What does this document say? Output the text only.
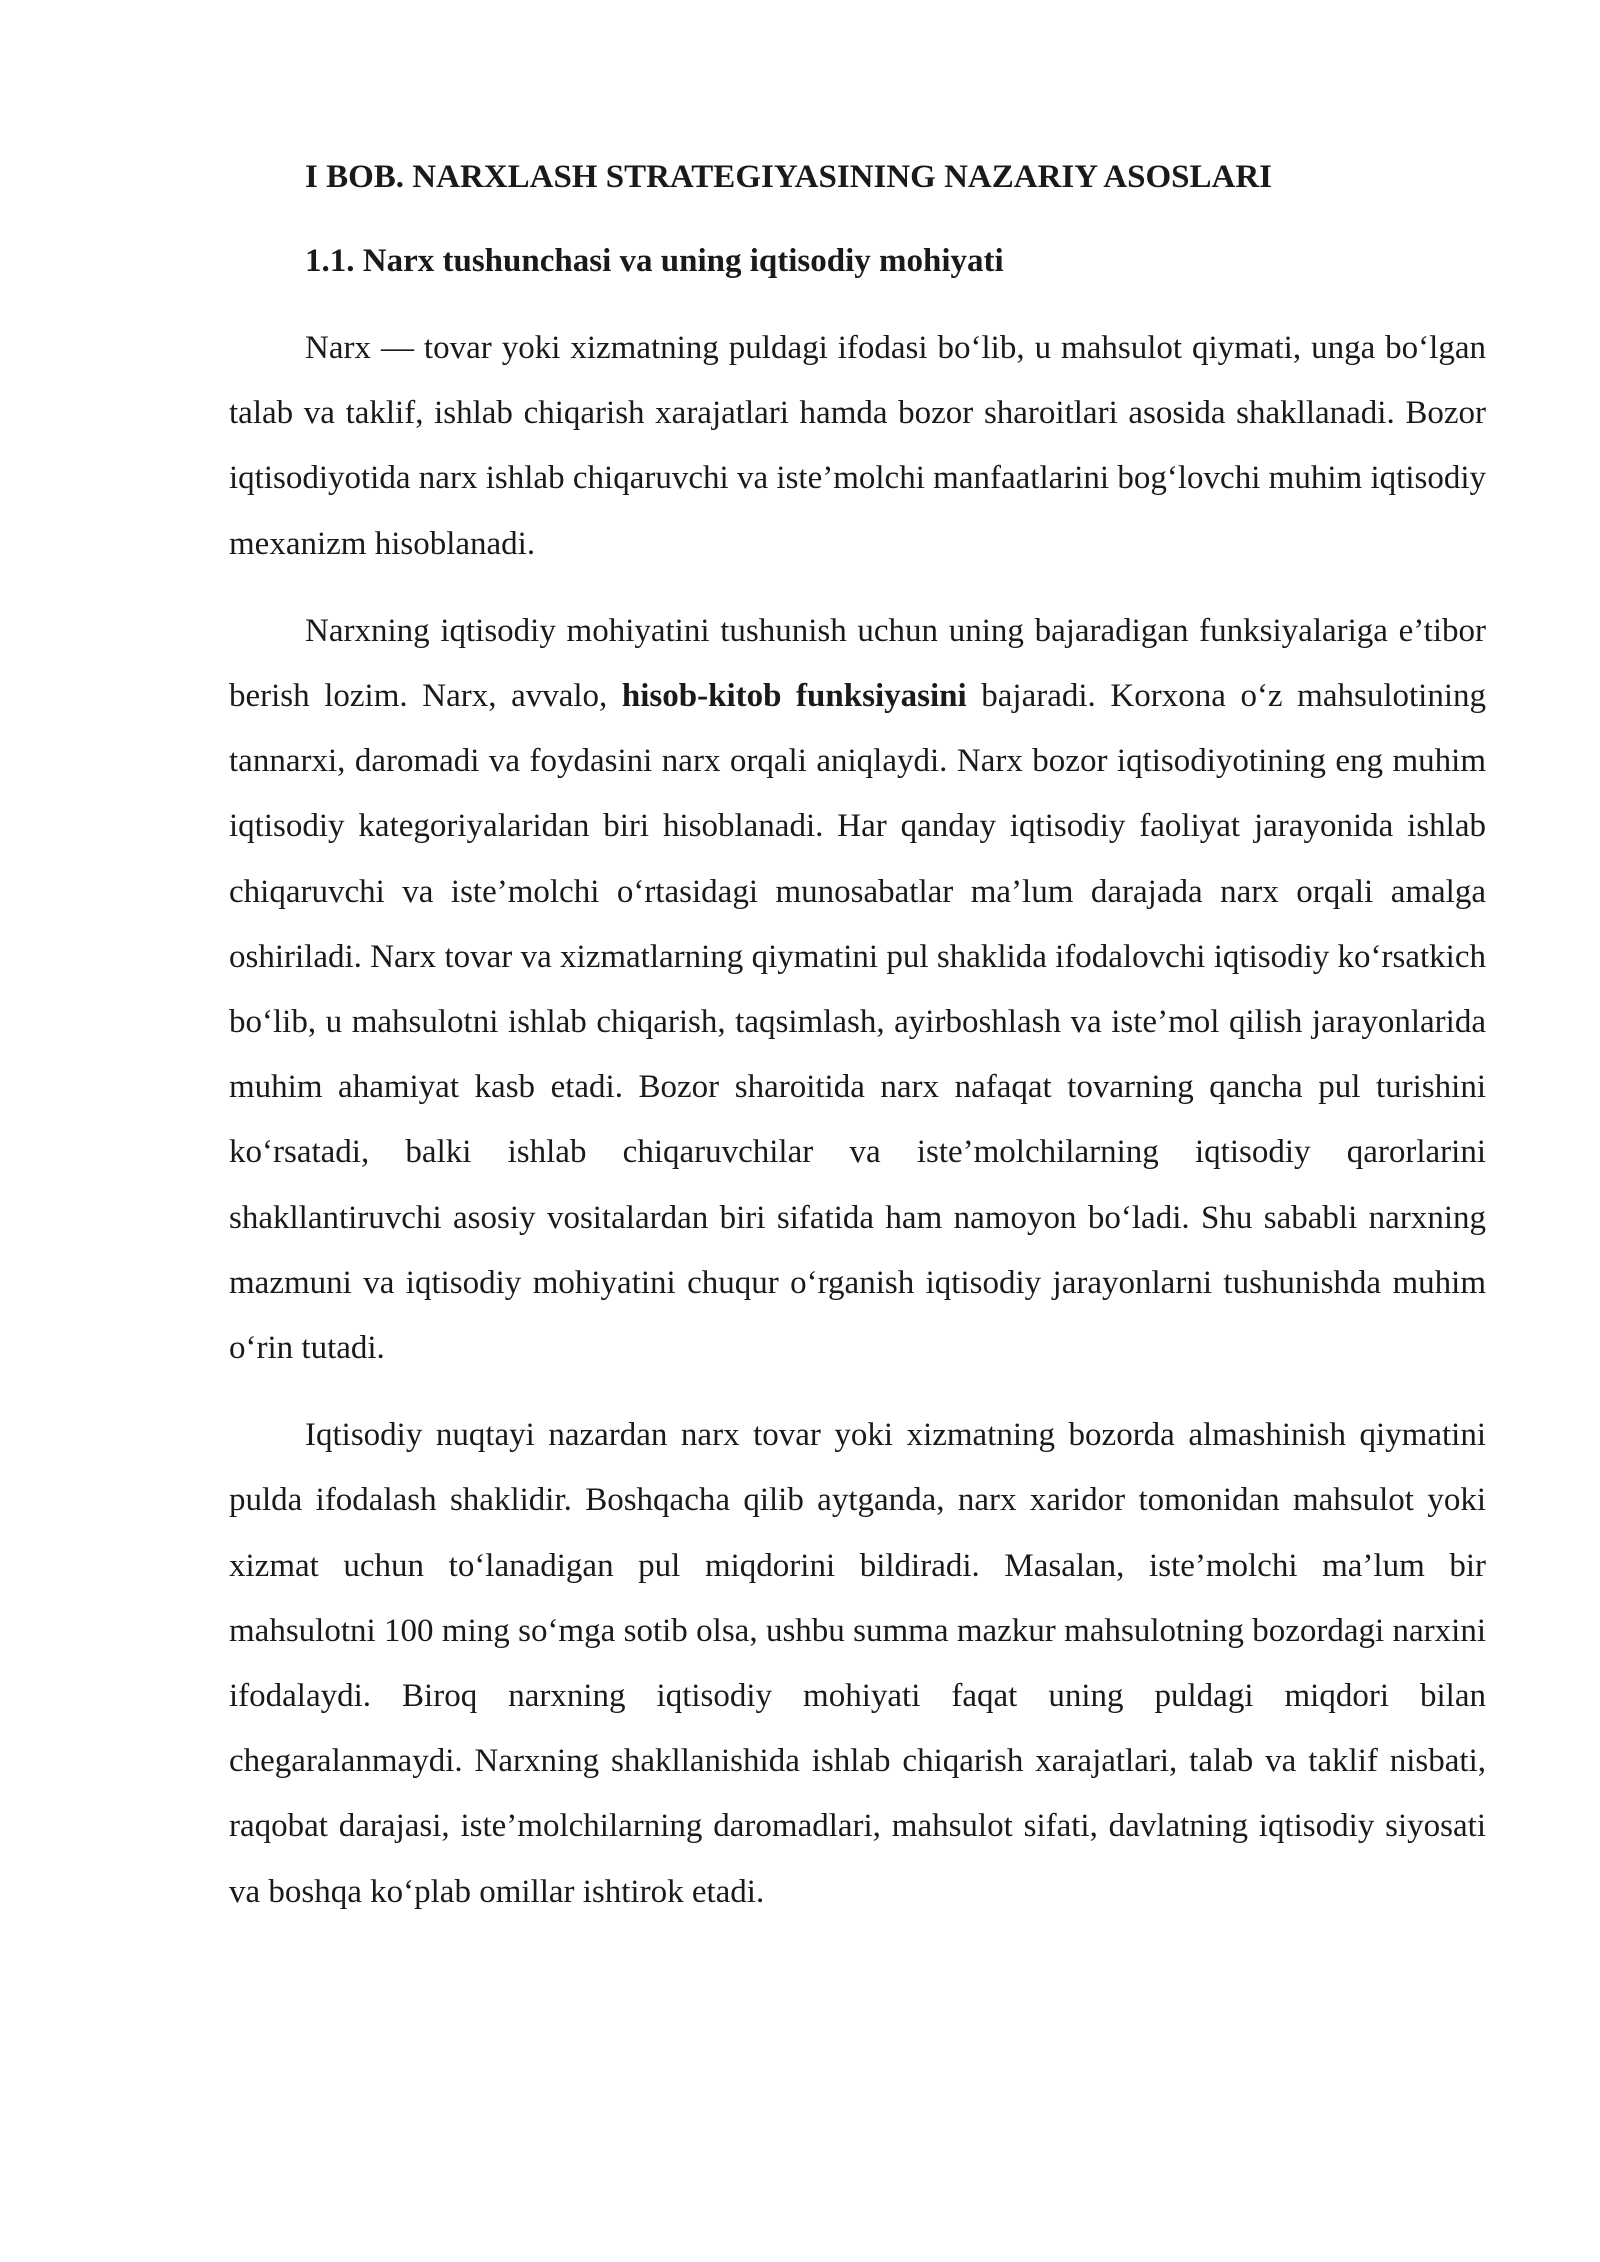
I BOB. NARXLASH STRATEGIYASINING NAZARIY ASOSLARI
1.1. Narx tushunchasi va uning iqtisodiy mohiyati

Narx — tovar yoki xizmatning puldagi ifodasi bo‘lib, u mahsulot qiymati, unga bo‘lgan talab va taklif, ishlab chiqarish xarajatlari hamda bozor sharoitlari asosida shakllanadi. Bozor iqtisodiyotida narx ishlab chiqaruvchi va iste’molchi manfaatlarini bog‘lovchi muhim iqtisodiy mexanizm hisoblanadi.

Narxning iqtisodiy mohiyatini tushunish uchun uning bajaradigan funksiyalariga e’tibor berish lozim. Narx, avvalo, hisob-kitob funksiyasini bajaradi. Korxona o‘z mahsulotining tannarxi, daromadi va foydasini narx orqali aniqlaydi. Narx bozor iqtisodiyotining eng muhim iqtisodiy kategoriyalaridan biri hisoblanadi. Har qanday iqtisodiy faoliyat jarayonida ishlab chiqaruvchi va iste’molchi o‘rtasidagi munosabatlar ma’lum darajada narx orqali amalga oshiriladi. Narx tovar va xizmatlarning qiymatini pul shaklida ifodalovchi iqtisodiy ko‘rsatkich bo‘lib, u mahsulotni ishlab chiqarish, taqsimlash, ayirboshlash va iste’mol qilish jarayonlarida muhim ahamiyat kasb etadi. Bozor sharoitida narx nafaqat tovarning qancha pul turishini ko‘rsatadi, balki ishlab chiqaruvchilar va iste’molchilarning iqtisodiy qarorlarini shakllantiruvchi asosiy vositalardan biri sifatida ham namoyon bo‘ladi. Shu sababli narxning mazmuni va iqtisodiy mohiyatini chuqur o‘rganish iqtisodiy jarayonlarni tushunishda muhim o‘rin tutadi.

Iqtisodiy nuqtayi nazardan narx tovar yoki xizmatning bozorda almashinish qiymatini pulda ifodalash shaklidir. Boshqacha qilib aytganda, narx xaridor tomonidan mahsulot yoki xizmat uchun to‘lanadigan pul miqdorini bildiradi. Masalan, iste’molchi ma’lum bir mahsulotni 100 ming so‘mga sotib olsa, ushbu summa mazkur mahsulotning bozordagi narxini ifodalaydi. Biroq narxning iqtisodiy mohiyati faqat uning puldagi miqdori bilan chegaralanmaydi. Narxning shakllanishida ishlab chiqarish xarajatlari, talab va taklif nisbati, raqobat darajasi, iste’molchilarning daromadlari, mahsulot sifati, davlatning iqtisodiy siyosati va boshqa ko‘plab omillar ishtirok etadi.
